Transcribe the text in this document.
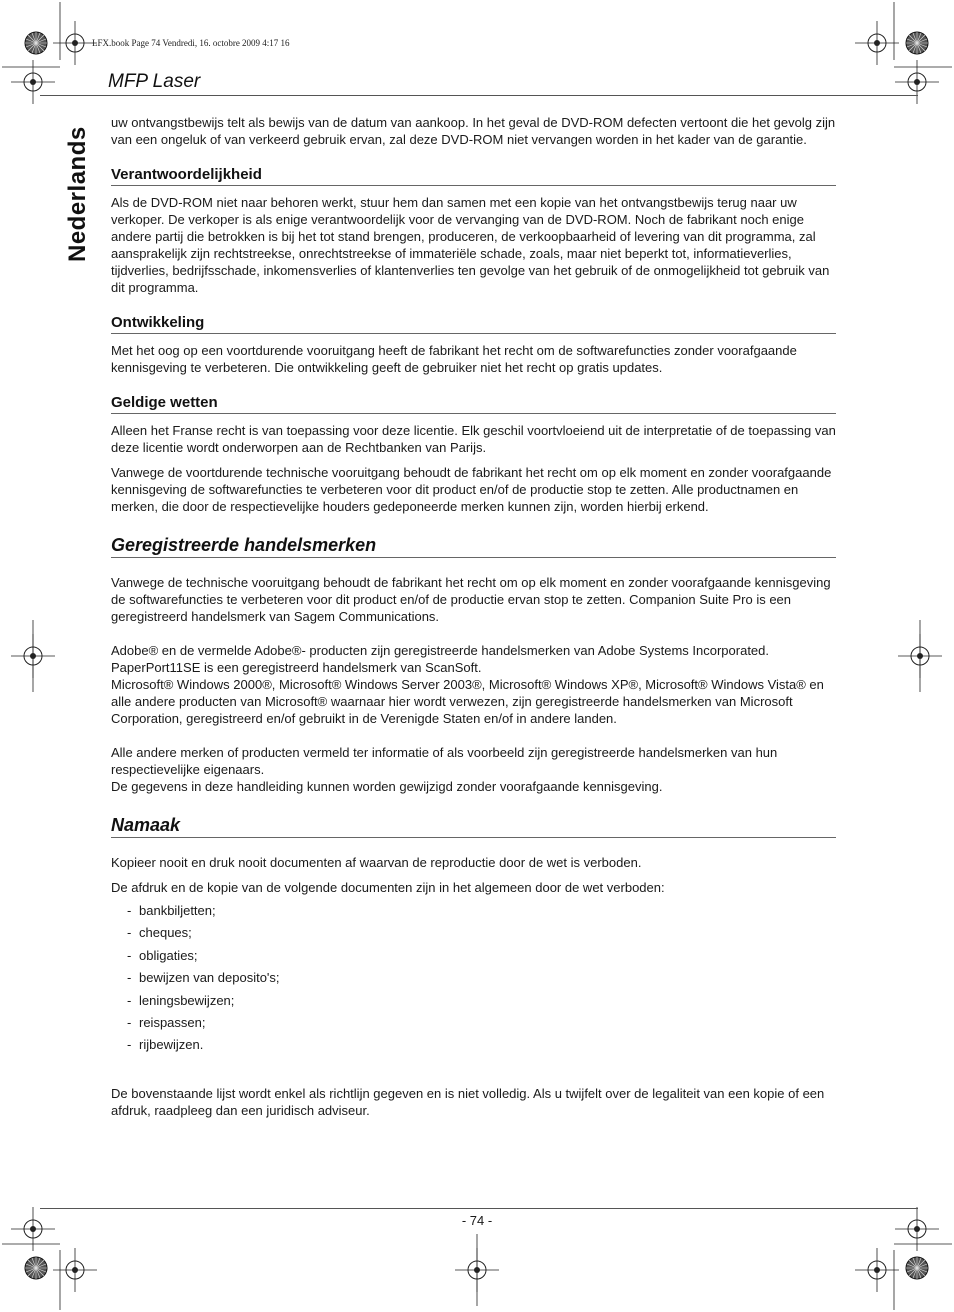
LFX.book Page 74 Vendredi, 16. octobre 2009 4:17 16
MFP Laser
Nederlands

uw ontvangstbewijs telt als bewijs van de datum van aankoop. In het geval de DVD-ROM defecten vertoont die het gevolg zijn van een ongeluk of van verkeerd gebruik ervan, zal deze DVD-ROM niet vervangen worden in het kader van de garantie.

Verantwoordelijkheid

Als de DVD-ROM niet naar behoren werkt, stuur hem dan samen met een kopie van het ontvangstbewijs terug naar uw verkoper. De verkoper is als enige verantwoordelijk voor de vervanging van de DVD-ROM. Noch de fabrikant noch enige andere partij die betrokken is bij het tot stand brengen, produceren, de verkoopbaarheid of levering van dit programma, zal aansprakelijk zijn rechtstreekse, onrechtstreekse of immateriële schade, zoals, maar niet beperkt tot, informatieverlies, tijdverlies, bedrijfsschade, inkomensverlies of klantenverlies ten gevolge van het gebruik of de onmogelijkheid tot gebruik van dit programma.

Ontwikkeling

Met het oog op een voortdurende vooruitgang heeft de fabrikant het recht om de softwarefuncties zonder voorafgaande kennisgeving te verbeteren. Die ontwikkeling geeft de gebruiker niet het recht op gratis updates.

Geldige wetten

Alleen het Franse recht is van toepassing voor deze licentie. Elk geschil voortvloeiend uit de interpretatie of de toepassing van deze licentie wordt onderworpen aan de Rechtbanken van Parijs.

Vanwege de voortdurende technische vooruitgang behoudt de fabrikant het recht om op elk moment en zonder voorafgaande kennisgeving de softwarefuncties te verbeteren voor dit product en/of de productie stop te zetten. Alle productnamen en merken, die door de respectievelijke houders gedeponeerde merken kunnen zijn, worden hierbij erkend.

Geregistreerde handelsmerken

Vanwege de technische vooruitgang behoudt de fabrikant het recht om op elk moment en zonder voorafgaande kennisgeving de softwarefuncties te verbeteren voor dit product en/of de productie ervan stop te zetten. Companion Suite Pro is een geregistreerd handelsmerk van Sagem Communications.

Adobe® en de vermelde Adobe®- producten zijn geregistreerde handelsmerken van Adobe Systems Incorporated.

PaperPort11SE is een geregistreerd handelsmerk van ScanSoft.

Microsoft® Windows 2000®, Microsoft® Windows Server 2003®, Microsoft® Windows XP®, Microsoft® Windows Vista® en alle andere producten van Microsoft® waarnaar hier wordt verwezen, zijn geregistreerde handelsmerken van Microsoft Corporation, geregistreerd en/of gebruikt in de Verenigde Staten en/of in andere landen.

Alle andere merken of producten vermeld ter informatie of als voorbeeld zijn geregistreerde handelsmerken van hun respectievelijke eigenaars.

De gegevens in deze handleiding kunnen worden gewijzigd zonder voorafgaande kennisgeving.

Namaak

Kopieer nooit en druk nooit documenten af waarvan de reproductie door de wet is verboden.

De afdruk en de kopie van de volgende documenten zijn in het algemeen door de wet verboden:

- bankbiljetten;
- cheques;
- obligaties;
- bewijzen van deposito's;
- leningsbewijzen;
- reispassen;
- rijbewijzen.

De bovenstaande lijst wordt enkel als richtlijn gegeven en is niet volledig. Als u twijfelt over de legaliteit van een kopie of een afdruk, raadpleeg dan een juridisch adviseur.

- 74 -
